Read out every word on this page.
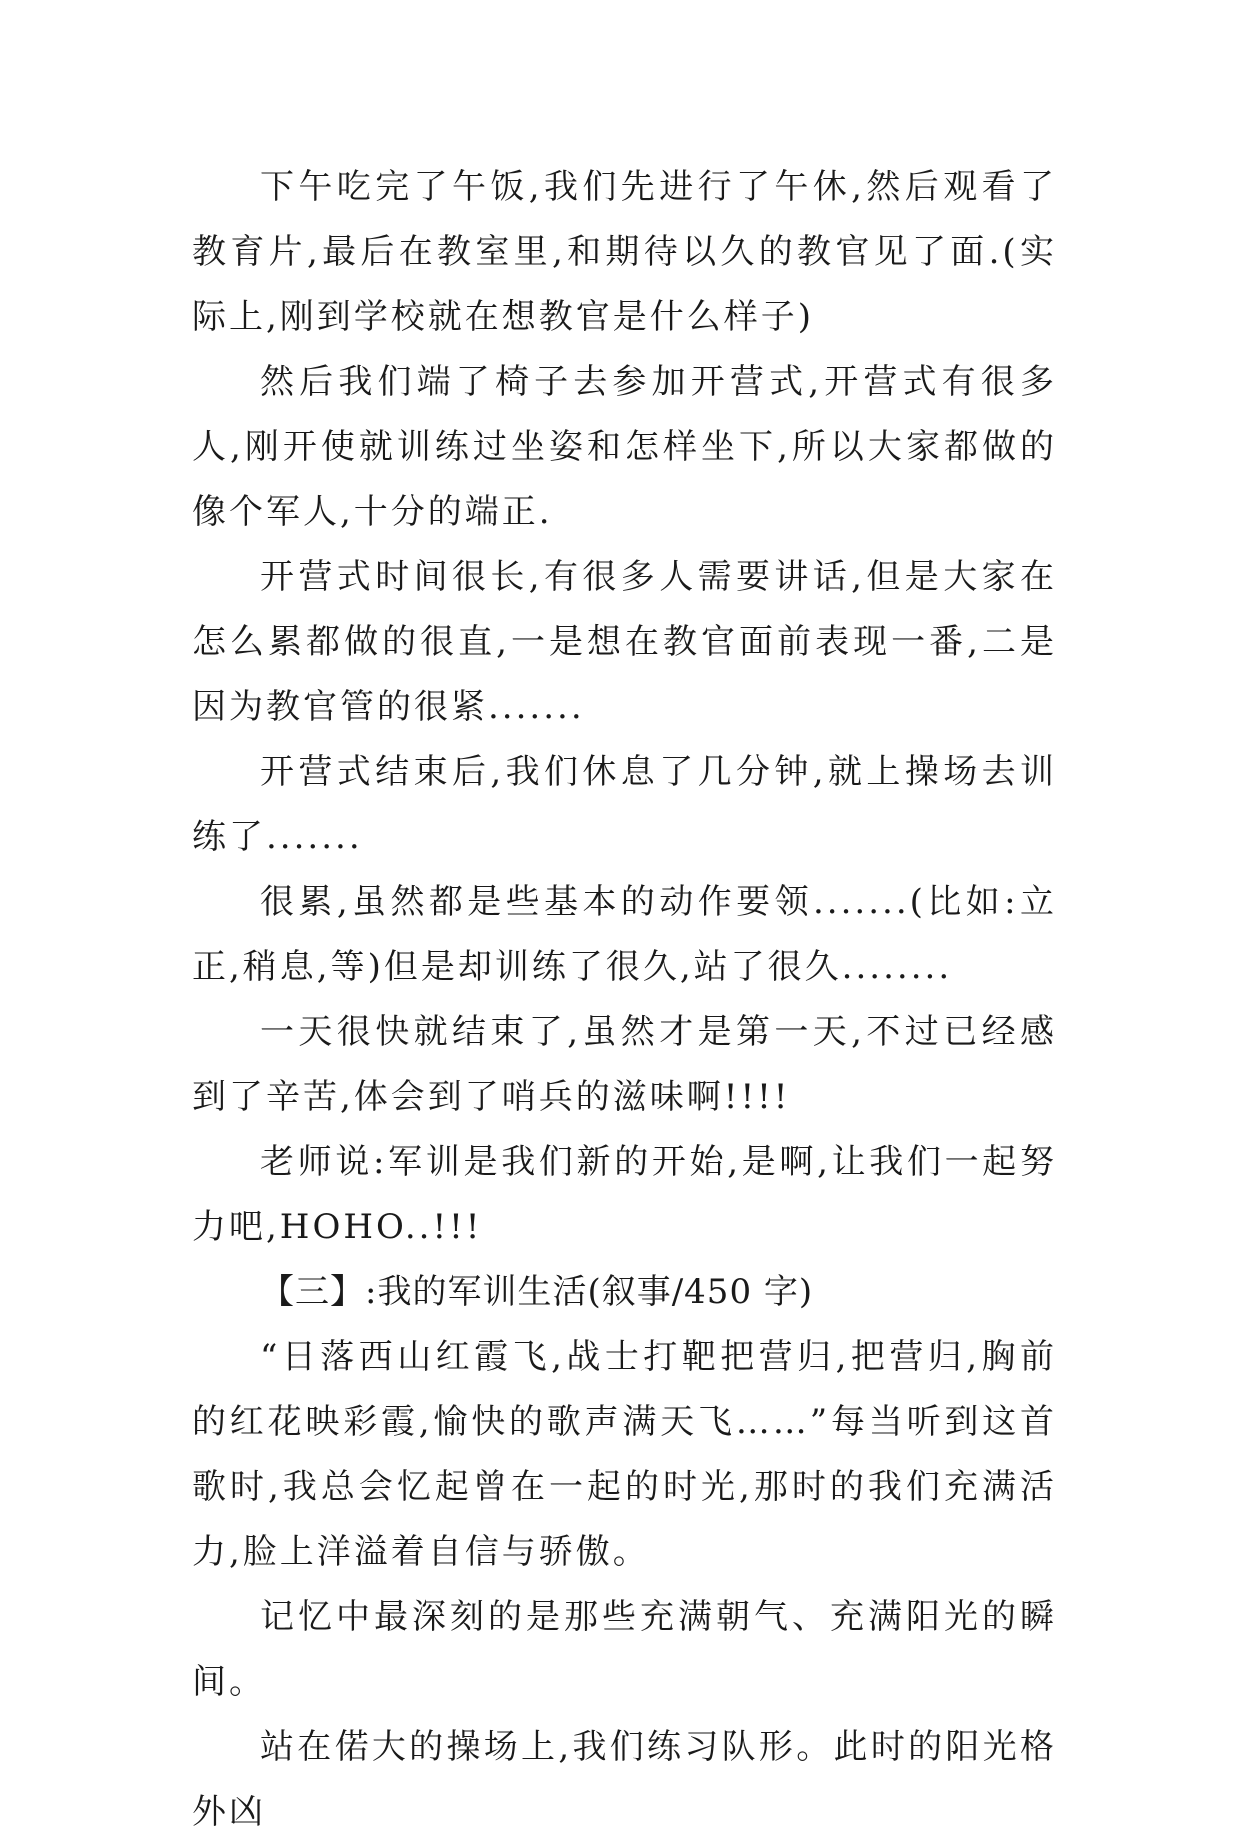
下午吃完了午饭,我们先进行了午休,然后观看了教育片,最后在教室里,和期待以久的教官见了面.(实际上,刚到学校就在想教官是什么样子)

然后我们端了椅子去参加开营式,开营式有很多人,刚开使就训练过坐姿和怎样坐下,所以大家都做的像个军人,十分的端正.

开营式时间很长,有很多人需要讲话,但是大家在怎么累都做的很直,一是想在教官面前表现一番,二是因为教官管的很紧.......

开营式结束后,我们休息了几分钟,就上操场去训练了.......

很累,虽然都是些基本的动作要领.......(比如:立正,稍息,等)但是却训练了很久,站了很久........

一天很快就结束了,虽然才是第一天,不过已经感到了辛苦,体会到了哨兵的滋味啊!!!!

老师说:军训是我们新的开始,是啊,让我们一起努力吧,HOHO..!!!

【三】:我的军训生活(叙事/450 字)

“日落西山红霞飞,战士打靶把营归,把营归,胸前的红花映彩霞,愉快的歌声满天飞……”每当听到这首歌时,我总会忆起曾在一起的时光,那时的我们充满活力,脸上洋溢着自信与骄傲。

记忆中最深刻的是那些充满朝气、充满阳光的瞬间。

站在偌大的操场上,我们练习队形。此时的阳光格外凶
